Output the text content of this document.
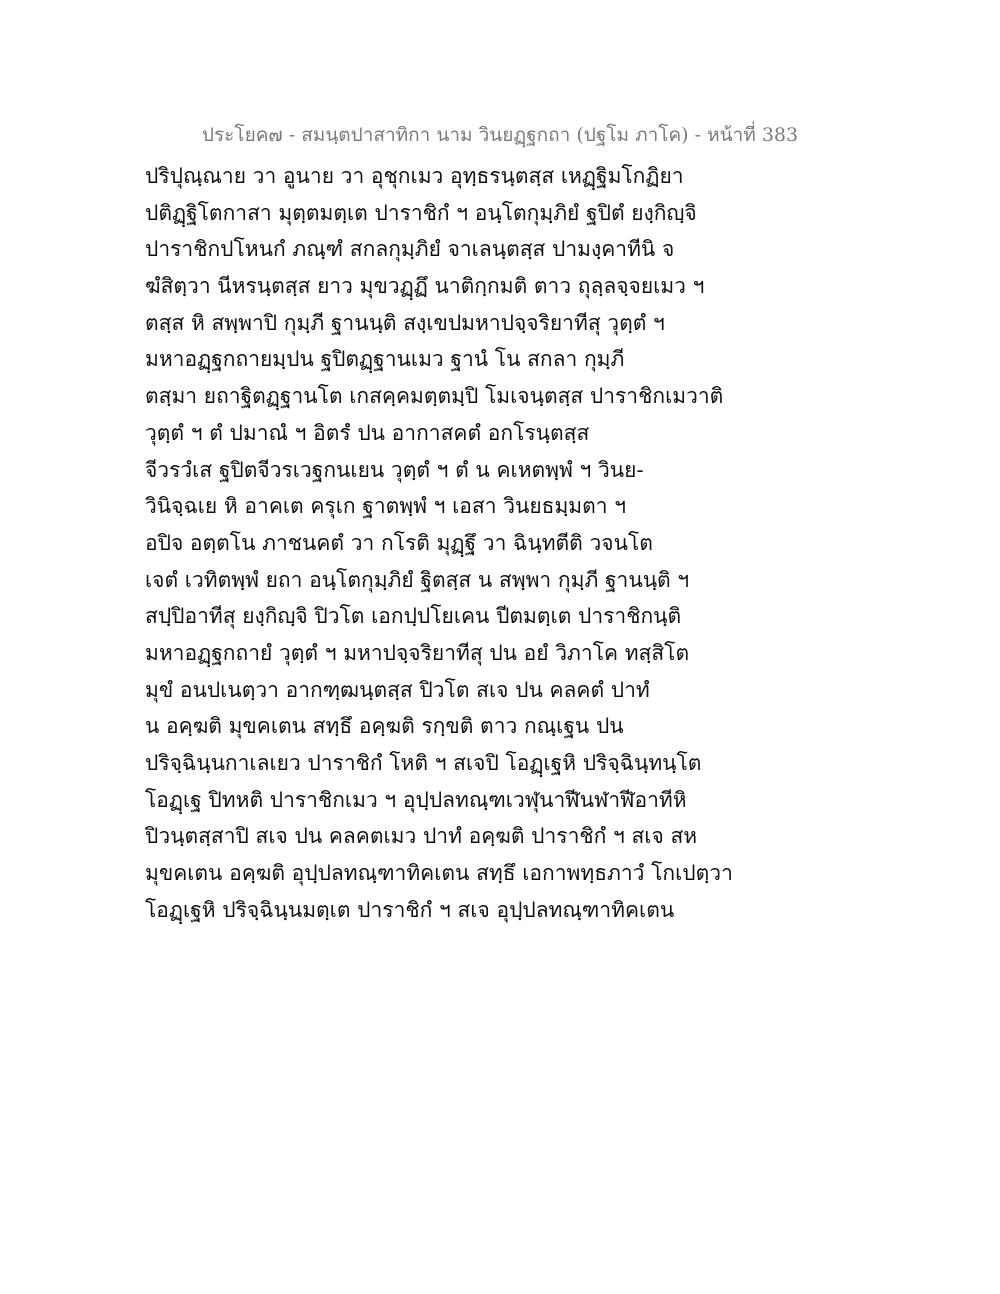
ประโยค๗ - สมนฺตปาสาทิกา นาม วินยฏฺฐกถา (ปฐโม ภาโค) - หน้าที่ 383
ปริปุณฺณาย วา อูนาย วา อุชุกเมว อุทฺธรนฺตสฺส เหฏฺฐิมโกฏิยา
ปติฏฺฐิโตกาสา มุตฺตมตฺเต ปาราชิกํ ฯ อนฺโตกุมฺภิยํ ฐปิตํ ยงฺกิญฺจิ
ปาราชิกปโหนกํ ภณฺฑํ สกลกุมฺภิยํ จาเลนฺตสฺส ปามงฺคาทีนิ จ
ฆํสิตฺวา นีหรนฺตสฺส ยาว มุขวฏฺฏึ นาติกฺกมติ ตาว ถุลฺลจฺจยเมว ฯ
ตสฺส หิ สพฺพาปิ กุมฺภี ฐานนฺติ สงฺเขปมหาปจฺจริยาทีสุ วุตฺตํ ฯ
มหาอฏฺฐกถายมฺปน ฐปิตฏฺฐานเมว ฐานํ โน สกลา กุมฺภี
ตสฺมา ยถาฐิตฏฺฐานโต เกสคฺคมตฺตมฺปิ โมเจนฺตสฺส ปาราชิกเมวาติ
วุตฺตํ ฯ ตํ ปมาณํ ฯ อิตรํ ปน อากาสคตํ อกโรนฺตสฺส
จีวรวํเส ฐปิตจีวรเวฐกนเยน วุตฺตํ ฯ ตํ น คเหตพฺพํ ฯ วินย-
วินิจฺฉเย หิ อาคเต ครุเก ฐาตพฺพํ ฯ เอสา วินยธมฺมตา ฯ
อปิจ อตฺตโน ภาชนคตํ วา กโรติ มุฏฺฐึ วา ฉินฺทตีติ วจนโต
เจตํ เวทิตพฺพํ ยถา อนฺโตกุมฺภิยํ ฐิตสฺส น สพฺพา กุมฺภี ฐานนฺติ ฯ
สปฺปิอาทีสุ ยงฺกิญฺจิ ปิวโต เอกปฺปโยเคน ปีตมตฺเต ปาราชิกนฺติ
มหาอฏฺฐกถายํ วุตฺตํ ฯ มหาปจฺจริยาทีสุ ปน อยํ วิภาโค ทสฺสิโต
มุขํ อนปเนตฺวา อากฑฺฒนฺตสฺส ปิวโต สเจ ปน คลคตํ ปาทํ
น อคฺฆติ มุขคเตน สทฺธึ อคฺฆติ รกฺขติ ตาว กณฺเฐน ปน
ปริจฺฉินฺนกาเลเยว ปาราชิกํ โหติ ฯ สเจปิ โอฏฺเฐหิ ปริจฺฉินฺทนฺโต
โอฏฺเฐ ปิทหติ ปาราชิกเมว ฯ อุปฺปลทณฺฑเวฬุนาฬีนฬาฬีอาทีหิ
ปิวนฺตสฺสาปิ สเจ ปน คลคตเมว ปาทํ อคฺฆติ ปาราชิกํ ฯ สเจ สห
มุขคเตน อคฺฆติ อุปฺปลทณฺฑาทิคเตน สทฺธึ เอกาพทฺธภาวํ โกเปตฺวา
โอฏฺเฐหิ ปริจฺฉินฺนมตฺเต ปาราชิกํ ฯ สเจ อุปฺปลทณฺฑาทิคเตน
